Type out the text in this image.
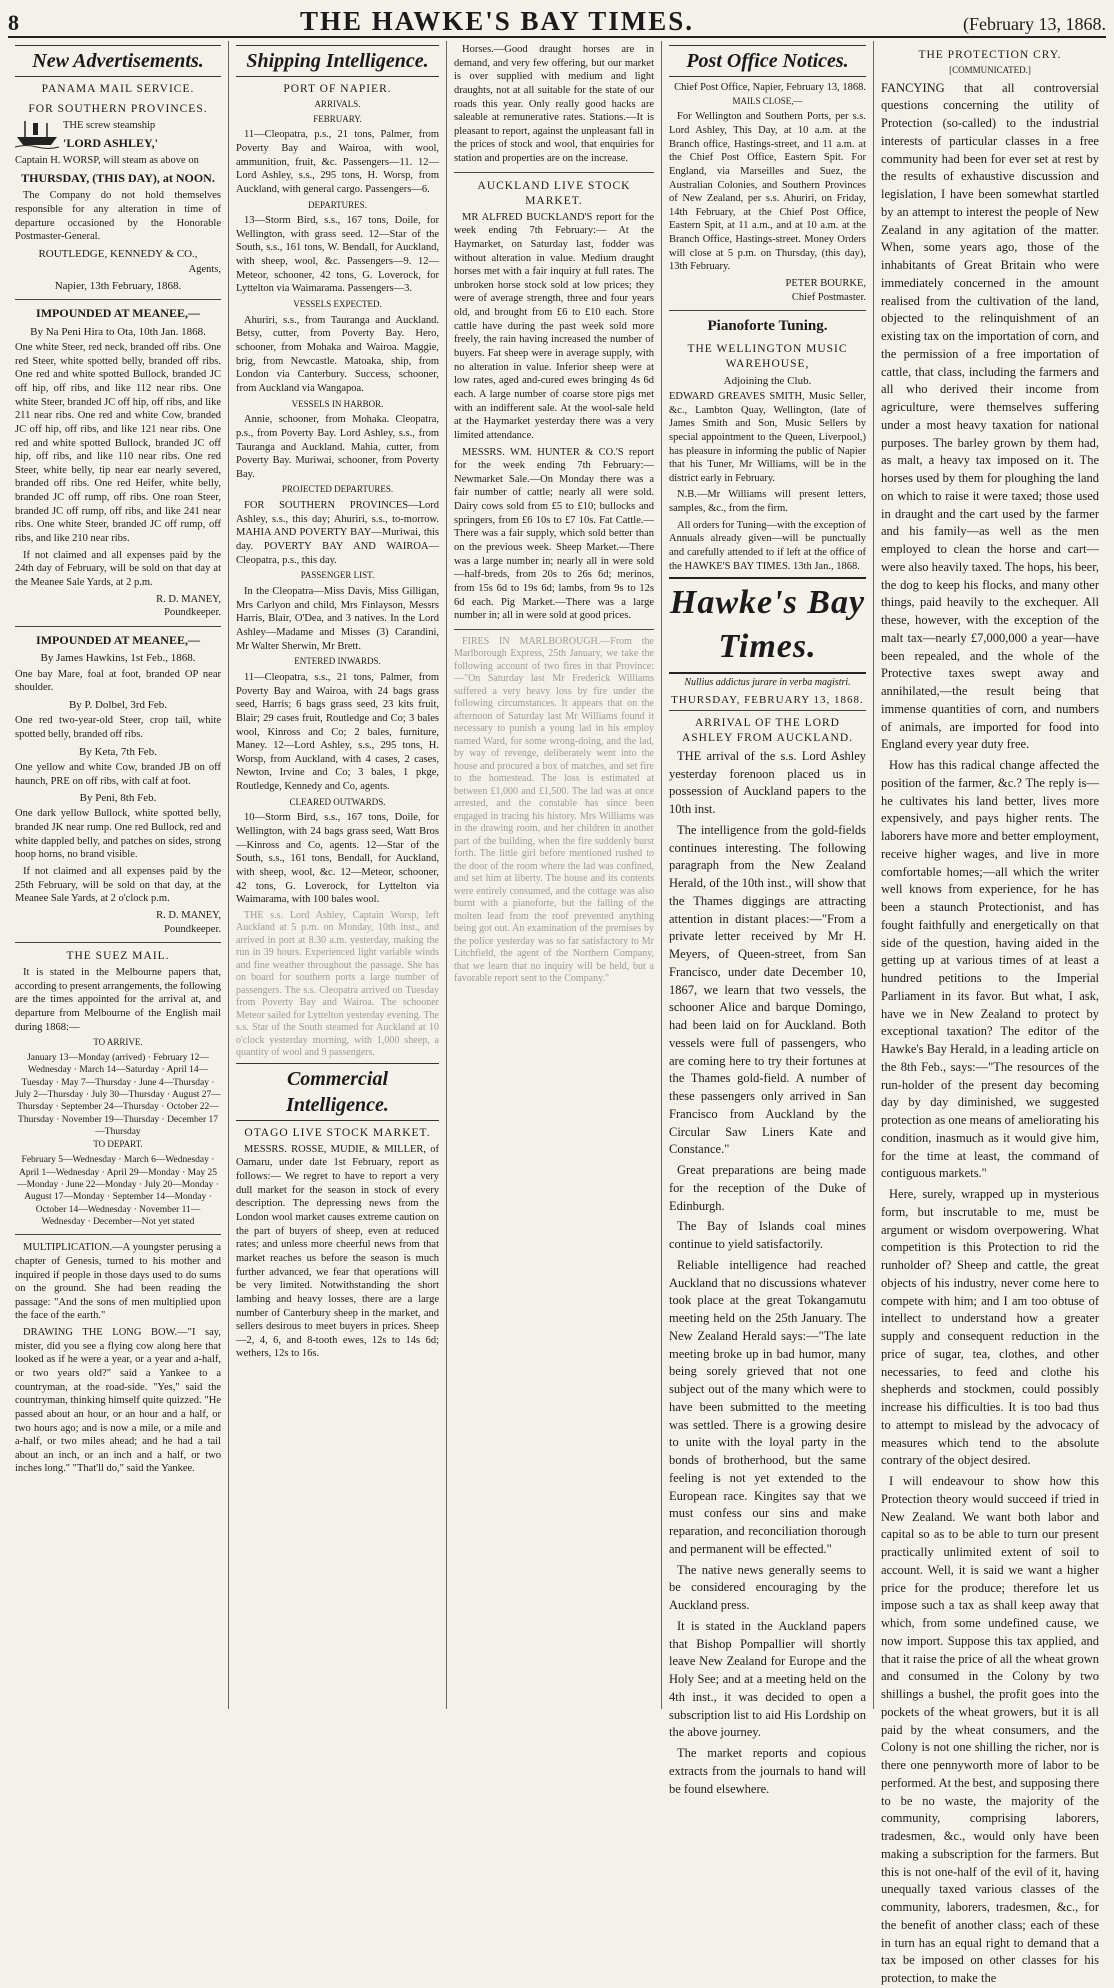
8	THE HAWKE'S BAY TIMES.	(February 13, 1868.
New Advertisements.
PANAMA MAIL SERVICE.
FOR SOUTHERN PROVINCES.
THE screw steamship
'LORD ASHLEY,'

Captain H. WORSP, will steam as above on

THURSDAY, (THIS DAY), at NOON.

The Company do not hold themselves responsible for any alteration in time of departure occasioned by the Honorable Postmaster-General.

ROUTLEDGE, KENNEDY & CO.,
Agents,
Napier, 13th February, 1868.
IMPOUNDED AT MEANEE,—
By Na Peni Hira to Ota, 10th Jan. 1868.

One white Steer, red neck, branded off ribs. One red Steer, white spotted belly, branded off ribs. One red and white spotted Bullock, branded JC off hip, off ribs, and like 112 near ribs. One white Steer, branded JC off hip, off ribs, and like 211 near ribs. One red and white Cow, branded JC off hip, off ribs, and like 121 near ribs. One red and white spotted Bullock, branded JC off hip, off ribs, and like 110 near ribs. One red Steer, white belly, tip near ear nearly severed, branded off ribs. One red Heifer, white belly, branded JC off rump, off ribs. One roan Steer, branded JC off rump, off ribs, and like 241 near ribs. One white Steer, branded JC off rump, off ribs, and like 210 near ribs.

If not claimed and all expenses paid by the 24th day of February, will be sold on that day at the Meanee Sale Yards, at 2 p.m.

R. D. MANEY,
Poundkeeper.
IMPOUNDED AT MEANEE,—
By James Hawkins, 1st Feb., 1868.

One bay Mare, foal at foot, branded OP near shoulder.

By P. Dolbel, 3rd Feb.

One red two-year-old Steer, crop tail, white spotted belly, branded off ribs.

By Keta, 7th Feb.

One yellow and white Cow, branded JB on off haunch, PRE on off ribs, with calf at foot.

By Peni, 8th Feb.

One dark yellow Bullock, white spotted belly, branded JK near rump. One red Bullock, red and white dappled belly, and patches on sides, strong hoop horns, no brand visible.

If not claimed and all expenses paid by the 25th February, will be sold on that day, at the Meanee Sale Yards, at 2 o'clock p.m.

R. D. MANEY,
Poundkeeper.
THE SUEZ MAIL.

It is stated in the Melbourne papers that, according to present arrangements, the following are the times appointed for the arrival at, and departure from Melbourne of the English mail during 1868:—

TO ARRIVE.
January 13—Monday (arrived) · February 12—Wednesday · March 14—Saturday · April 14—Tuesday · May 7—Thursday · June 4—Thursday · July 2—Thursday · July 30—Thursday · August 27—Thursday · September 24—Thursday · October 22—Thursday · November 19—Thursday · December 17—Thursday
TO DEPART.
February 5—Wednesday · March 6—Wednesday · April 1—Wednesday · April 29—Monday · May 25—Monday · June 22—Monday · July 20—Monday · August 17—Monday · September 14—Monday · October 14—Wednesday · November 11—Wednesday · December—Not yet stated

MULTIPLICATION.—A youngster perusing a chapter of Genesis, turned to his mother and inquired if people in those days used to do sums on the ground. She had been reading the passage: "And the sons of men multiplied upon the face of the earth."

DRAWING THE LONG BOW.—"I say, mister, did you see a flying cow along here that looked as if he were a year, or a year and a-half, or two years old?" said a Yankee to a countryman, at the road-side. "Yes," said the countryman, thinking himself quite quizzed. "He passed about an hour, or an hour and a half, or two hours ago; and is now a mile, or a mile and a-half, or two miles ahead; and he had a tail about an inch, or an inch and a half, or two inches long." "That'll do," said the Yankee.

Shipping Intelligence.
PORT OF NAPIER.
ARRIVALS.
FEBRUARY.

11—Cleopatra, p.s., 21 tons, Palmer, from Poverty Bay and Wairoa, with wool, ammunition, fruit, &c. Passengers—11. 12—Lord Ashley, s.s., 295 tons, H. Worsp, from Auckland, with general cargo. Passengers—6.

DEPARTURES.

13—Storm Bird, s.s., 167 tons, Doile, for Wellington, with grass seed. 12—Star of the South, s.s., 161 tons, W. Bendall, for Auckland, with sheep, wool, &c. Passengers—9. 12—Meteor, schooner, 42 tons, G. Loverock, for Lyttelton via Waimarama. Passengers—3.

VESSELS EXPECTED.

Ahuriri, s.s., from Tauranga and Auckland. Betsy, cutter, from Poverty Bay. Hero, schooner, from Mohaka and Wairoa. Maggie, brig, from Newcastle. Matoaka, ship, from London via Canterbury. Success, schooner, from Auckland via Wangapoa.

VESSELS IN HARBOR.

Annie, schooner, from Mohaka. Cleopatra, p.s., from Poverty Bay. Lord Ashley, s.s., from Tauranga and Auckland. Mahia, cutter, from Poverty Bay. Muriwai, schooner, from Poverty Bay.

PROJECTED DEPARTURES.

FOR SOUTHERN PROVINCES—Lord Ashley, s.s., this day; Ahuriri, s.s., to-morrow. MAHIA AND POVERTY BAY—Muriwai, this day. POVERTY BAY AND WAIROA—Cleopatra, p.s., this day.

PASSENGER LIST.

In the Cleopatra—Miss Davis, Miss Gilligan, Mrs Carlyon and child, Mrs Finlayson, Messrs Harris, Blair, O'Dea, and 3 natives. In the Lord Ashley—Madame and Misses (3) Carandini, Mr Walter Sherwin, Mr Brett.

ENTERED INWARDS.

11—Cleopatra, s.s., 21 tons, Palmer, from Poverty Bay and Wairoa, with 24 bags grass seed, Harris; 6 bags grass seed, 23 kits fruit, Blair; 29 cases fruit, Routledge and Co; 3 bales wool, Kinross and Co; 2 bales, furniture, Maney. 12—Lord Ashley, s.s., 295 tons, H. Worsp, from Auckland, with 4 cases, 2 cases, Newton, Irvine and Co; 3 bales, 1 pkge, Routledge, Kennedy and Co, agents.

CLEARED OUTWARDS.

10—Storm Bird, s.s., 167 tons, Doile, for Wellington, with 24 bags grass seed, Watt Bros—Kinross and Co, agents. 12—Star of the South, s.s., 161 tons, Bendall, for Auckland, with sheep, wool, &c. 12—Meteor, schooner, 42 tons, G. Loverock, for Lyttelton via Waimarama, with 100 bales wool.

THE s.s. Lord Ashley, Captain Worsp, left Auckland at 5 p.m. on Monday, 10th inst., and arrived in port at 8.30 a.m. yesterday, making the run in 39 hours. Experienced light variable winds and fine weather throughout the passage. She has on board for southern ports a large number of passengers. The s.s. Cleopatra arrived on Tuesday from Poverty Bay and Wairoa. The schooner Meteor sailed for Lyttelton yesterday evening. The s.s. Star of the South steamed for Auckland at 10 o'clock yesterday morning, with 1,000 sheep, a quantity of wool and 9 passengers.

Commercial Intelligence.
OTAGO LIVE STOCK MARKET.

MESSRS. ROSSE, MUDIE, & MILLER, of Oamaru, under date 1st February, report as follows:— We regret to have to report a very dull market for the season in stock of every description. The depressing news from the London wool market causes extreme caution on the part of buyers of sheep, even at reduced rates; and unless more cheerful news from that market reaches us before the season is much further advanced, we fear that operations will be very limited. Notwithstanding the short lambing and heavy losses, there are a large number of Canterbury sheep in the market, and sellers desirous to meet buyers in prices. Sheep—2, 4, 6, and 8-tooth ewes, 12s to 14s 6d; wethers, 12s to 16s.

Horses.—Good draught horses are in demand, and very few offering, but our market is over supplied with medium and light draughts, not at all suitable for the state of our roads this year. Only really good hacks are saleable at remunerative rates. Stations.—It is pleasant to report, against the unpleasant fall in the prices of stock and wool, that enquiries for station and properties are on the increase.

AUCKLAND LIVE STOCK MARKET.

MR ALFRED BUCKLAND'S report for the week ending 7th February:— At the Haymarket, on Saturday last, fodder was without alteration in value. Medium draught horses met with a fair inquiry at full rates. The unbroken horse stock sold at low prices; they were of average strength, three and four years old, and brought from £6 to £10 each. Store cattle have during the past week sold more freely, the rain having increased the number of buyers. Fat sheep were in average supply, with no alteration in value. Inferior sheep were at low rates, aged and-cured ewes bringing 4s 6d each. A large number of coarse store pigs met with an indifferent sale. At the wool-sale held at the Haymarket yesterday there was a very limited attendance.

MESSRS. WM. HUNTER & CO.'S report for the week ending 7th February:— Newmarket Sale.—On Monday there was a fair number of cattle; nearly all were sold. Dairy cows sold from £5 to £10; bullocks and springers, from £6 10s to £7 10s. Fat Cattle.—There was a fair supply, which sold better than on the previous week. Sheep Market.—There was a large number in; nearly all in were sold—half-breds, from 20s to 26s 6d; merinos, from 15s 6d to 19s 6d; lambs, from 9s to 12s 6d each. Pig Market.—There was a large number in; all in were sold at good prices.

FIRES IN MARLBOROUGH.—From the Marlborough Express, 25th January, we take the following account of two fires in that Province:—"On Saturday last Mr Frederick Williams suffered a very heavy loss by fire under the following circumstances. It appears that on the afternoon of Saturday last Mr Williams found it necessary to punish a young lad in his employ named Ward, for some wrong-doing, and the lad, by way of revenge, deliberately went into the house and procured a box of matches, and set fire to the homestead. The loss is estimated at between £1,000 and £1,500. The lad was at once arrested, and the constable has since been engaged in tracing his history. Mrs Williams was in the drawing room, and her children in another part of the building, when the fire suddenly burst forth. The little girl before mentioned rushed to the door of the room where the lad was confined, and set him at liberty. The house and its contents were entirely consumed, and the cottage was also burnt with a pianoforte, but the falling of the molten lead from the roof prevented anything being got out. An examination of the premises by the police yesterday was so far satisfactory to Mr Litchfield, the agent of the Northern Company, that we learn that no inquiry will be held, but a favorable report sent to the Company."

Post Office Notices.
Chief Post Office, Napier, February 13, 1868.
MAILS CLOSE,—

For Wellington and Southern Ports, per s.s. Lord Ashley, This Day, at 10 a.m. at the Branch office, Hastings-street, and 11 a.m. at the Chief Post Office, Eastern Spit. For England, via Marseilles and Suez, the Australian Colonies, and Southern Provinces of New Zealand, per s.s. Ahuriri, on Friday, 14th February, at the Chief Post Office, Eastern Spit, at 11 a.m., and at 10 a.m. at the Branch Office, Hastings-street. Money Orders will close at 5 p.m. on Thursday, (this day), 13th February.

PETER BOURKE,
Chief Postmaster.
Pianoforte Tuning.
THE WELLINGTON MUSIC WAREHOUSE,
Adjoining the Club.

EDWARD GREAVES SMITH, Music Seller, &c., Lambton Quay, Wellington, (late of James Smith and Son, Music Sellers by special appointment to the Queen, Liverpool,) has pleasure in informing the public of Napier that his Tuner, Mr Williams, will be in the district early in February.

N.B.—Mr Williams will present letters, samples, &c., from the firm.

All orders for Tuning—with the exception of Annuals already given—will be punctually and carefully attended to if left at the office of the HAWKE'S BAY TIMES. 13th Jan., 1868.

Hawke's Bay Times.
Nullius addictus jurare in verba magistri.
THURSDAY, FEBRUARY 13, 1868.
ARRIVAL OF THE LORD ASHLEY FROM AUCKLAND.

THE arrival of the s.s. Lord Ashley yesterday forenoon placed us in possession of Auckland papers to the 10th inst.

The intelligence from the gold-fields continues interesting. The following paragraph from the New Zealand Herald, of the 10th inst., will show that the Thames diggings are attracting attention in distant places:—"From a private letter received by Mr H. Meyers, of Queen-street, from San Francisco, under date December 10, 1867, we learn that two vessels, the schooner Alice and barque Domingo, had been laid on for Auckland. Both vessels were full of passengers, who are coming here to try their fortunes at the Thames gold-field. A number of these passengers only arrived in San Francisco from Auckland by the Circular Saw Liners Kate and Constance."

Great preparations are being made for the reception of the Duke of Edinburgh.

The Bay of Islands coal mines continue to yield satisfactorily.

Reliable intelligence had reached Auckland that no discussions whatever took place at the great Tokangamutu meeting held on the 25th January. The New Zealand Herald says:—"The late meeting broke up in bad humor, many being sorely grieved that not one subject out of the many which were to have been submitted to the meeting was settled. There is a growing desire to unite with the loyal party in the bonds of brotherhood, but the same feeling is not yet extended to the European race. Kingites say that we must confess our sins and make reparation, and reconciliation thorough and permanent will be effected."

The native news generally seems to be considered encouraging by the Auckland press.

It is stated in the Auckland papers that Bishop Pompallier will shortly leave New Zealand for Europe and the Holy See; and at a meeting held on the 4th inst., it was decided to open a subscription list to aid His Lordship on the above journey.

The market reports and copious extracts from the journals to hand will be found elsewhere.

THE PROTECTION CRY.
[COMMUNICATED.]

FANCYING that all controversial questions concerning the utility of Protection (so-called) to the industrial interests of particular classes in a free community had been for ever set at rest by the results of exhaustive discussion and legislation, I have been somewhat startled by an attempt to interest the people of New Zealand in any agitation of the matter. When, some years ago, those of the inhabitants of Great Britain who were immediately concerned in the amount realised from the cultivation of the land, objected to the relinquishment of an existing tax on the importation of corn, and the permission of a free importation of cattle, that class, including the farmers and all who derived their income from agriculture, were themselves suffering under a most heavy taxation for national purposes. The barley grown by them had, as malt, a heavy tax imposed on it. The horses used by them for ploughing the land on which to raise it were taxed; those used in draught and the cart used by the farmer and his family—as well as the men employed to clean the horse and cart—were also heavily taxed. The hops, his beer, the dog to keep his flocks, and many other things, paid heavily to the exchequer. All these, however, with the exception of the malt tax—nearly £7,000,000 a year—have been repealed, and the whole of the Protective taxes swept away and annihilated,—the result being that immense quantities of corn, and numbers of animals, are imported for food into England every year duty free.

How has this radical change affected the position of the farmer, &c.? The reply is—he cultivates his land better, lives more expensively, and pays higher rents. The laborers have more and better employment, receive higher wages, and live in more comfortable homes;—all which the writer well knows from experience, for he has been a staunch Protectionist, and has fought faithfully and energetically on that side of the question, having aided in the getting up at various times of at least a hundred petitions to the Imperial Parliament in its favor. But what, I ask, have we in New Zealand to protect by exceptional taxation? The editor of the Hawke's Bay Herald, in a leading article on the 8th Feb., says:—"The resources of the run-holder of the present day becoming day by day diminished, we suggested protection as one means of ameliorating his condition, inasmuch as it would give him, for the time at least, the command of contiguous markets."

Here, surely, wrapped up in mysterious form, but inscrutable to me, must be argument or wisdom overpowering. What competition is this Protection to rid the runholder of? Sheep and cattle, the great objects of his industry, never come here to compete with him; and I am too obtuse of intellect to understand how a greater supply and consequent reduction in the price of sugar, tea, clothes, and other necessaries, to feed and clothe his shepherds and stockmen, could possibly increase his difficulties. It is too bad thus to attempt to mislead by the advocacy of measures which tend to the absolute contrary of the object desired.

I will endeavour to show how this Protection theory would succeed if tried in New Zealand. We want both labor and capital so as to be able to turn our present practically unlimited extent of soil to account. Well, it is said we want a higher price for the produce; therefore let us impose such a tax as shall keep away that which, from some undefined cause, we now import. Suppose this tax applied, and that it raise the price of all the wheat grown and consumed in the Colony by two shillings a bushel, the profit goes into the pockets of the wheat growers, but it is all paid by the wheat consumers, and the Colony is not one shilling the richer, nor is there one pennyworth more of labor to be performed. At the best, and supposing there to be no waste, the majority of the community, comprising laborers, tradesmen, &c., would only have been making a subscription for the farmers. But this is not one-half of the evil of it, having unequally taxed various classes of the community, laborers, tradesmen, &c., for the benefit of another class; each of these in turn has an equal right to demand that a tax be imposed on other classes for his protection, to make the
